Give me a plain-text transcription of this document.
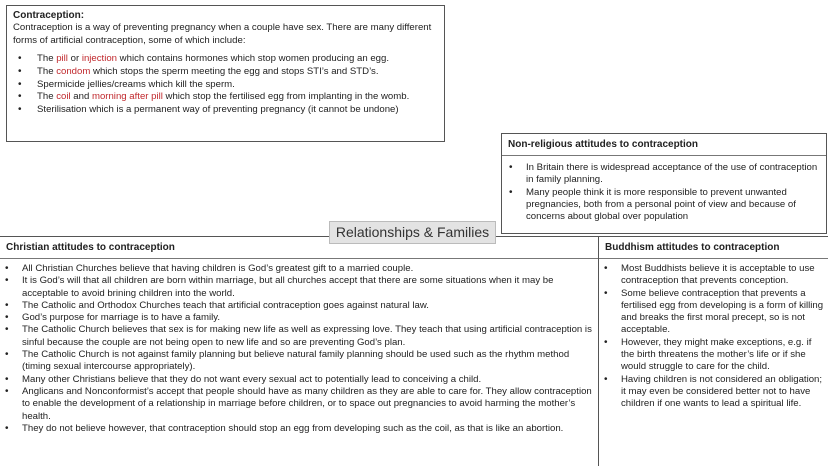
Contraception:
Contraception is a way of preventing pregnancy when a couple have sex. There are many different forms of artificial contraception, some of which include:
• The pill or injection which contains hormones which stop women producing an egg.
• The condom which stops the sperm meeting the egg and stops STI’s and STD’s.
• Spermicide jellies/creams which kill the sperm.
• The coil and morning after pill which stop the fertilised egg from implanting in the womb.
• Sterilisation which is a permanent way of preventing pregnancy (it cannot be undone)
Non-religious attitudes to contraception
• In Britain there is widespread acceptance of the use of contraception in family planning.
• Many people think it is more responsible to prevent unwanted pregnancies, both from a personal point of view and because of concerns about global over population
Christian attitudes to contraception
• All Christian Churches believe that having children is God’s greatest gift to a married couple.
• It is God’s will that all children are born within marriage, but all churches accept that there are some situations when it may be acceptable to avoid brining children into the world.
• The Catholic and Orthodox Churches teach that artificial contraception goes against natural law.
• God’s purpose for marriage is to have a family.
• The Catholic Church believes that sex is for making new life as well as expressing love. They teach that using artificial contraception is sinful because the couple are not being open to new life and so are preventing God’s plan.
• The Catholic Church is not against family planning but believe natural family planning should be used such as the rhythm method (timing sexual intercourse appropriately).
• Many other Christians believe that they do not want every sexual act to potentially lead to conceiving a child.
• Anglicans and Nonconformist’s accept that people should have as many children as they are able to care for. They allow contraception to enable the development of a relationship in marriage before children, or to space out pregnancies to avoid harming the mother’s health.
• They do not believe however, that contraception should stop an egg from developing such as the coil, as that is like an abortion.
Buddhism attitudes to contraception
• Most Buddhists believe it is acceptable to use contraception that prevents conception.
• Some believe contraception that prevents a fertilised egg from developing is a form of killing and breaks the first moral precept, so is not acceptable.
• However, they might make exceptions, e.g. if the birth threatens the mother’s life or if she would struggle to care for the child.
• Having children is not considered an obligation; it may even be considered better not to have children if one wants to lead a spiritual life.
Relationships & Families
